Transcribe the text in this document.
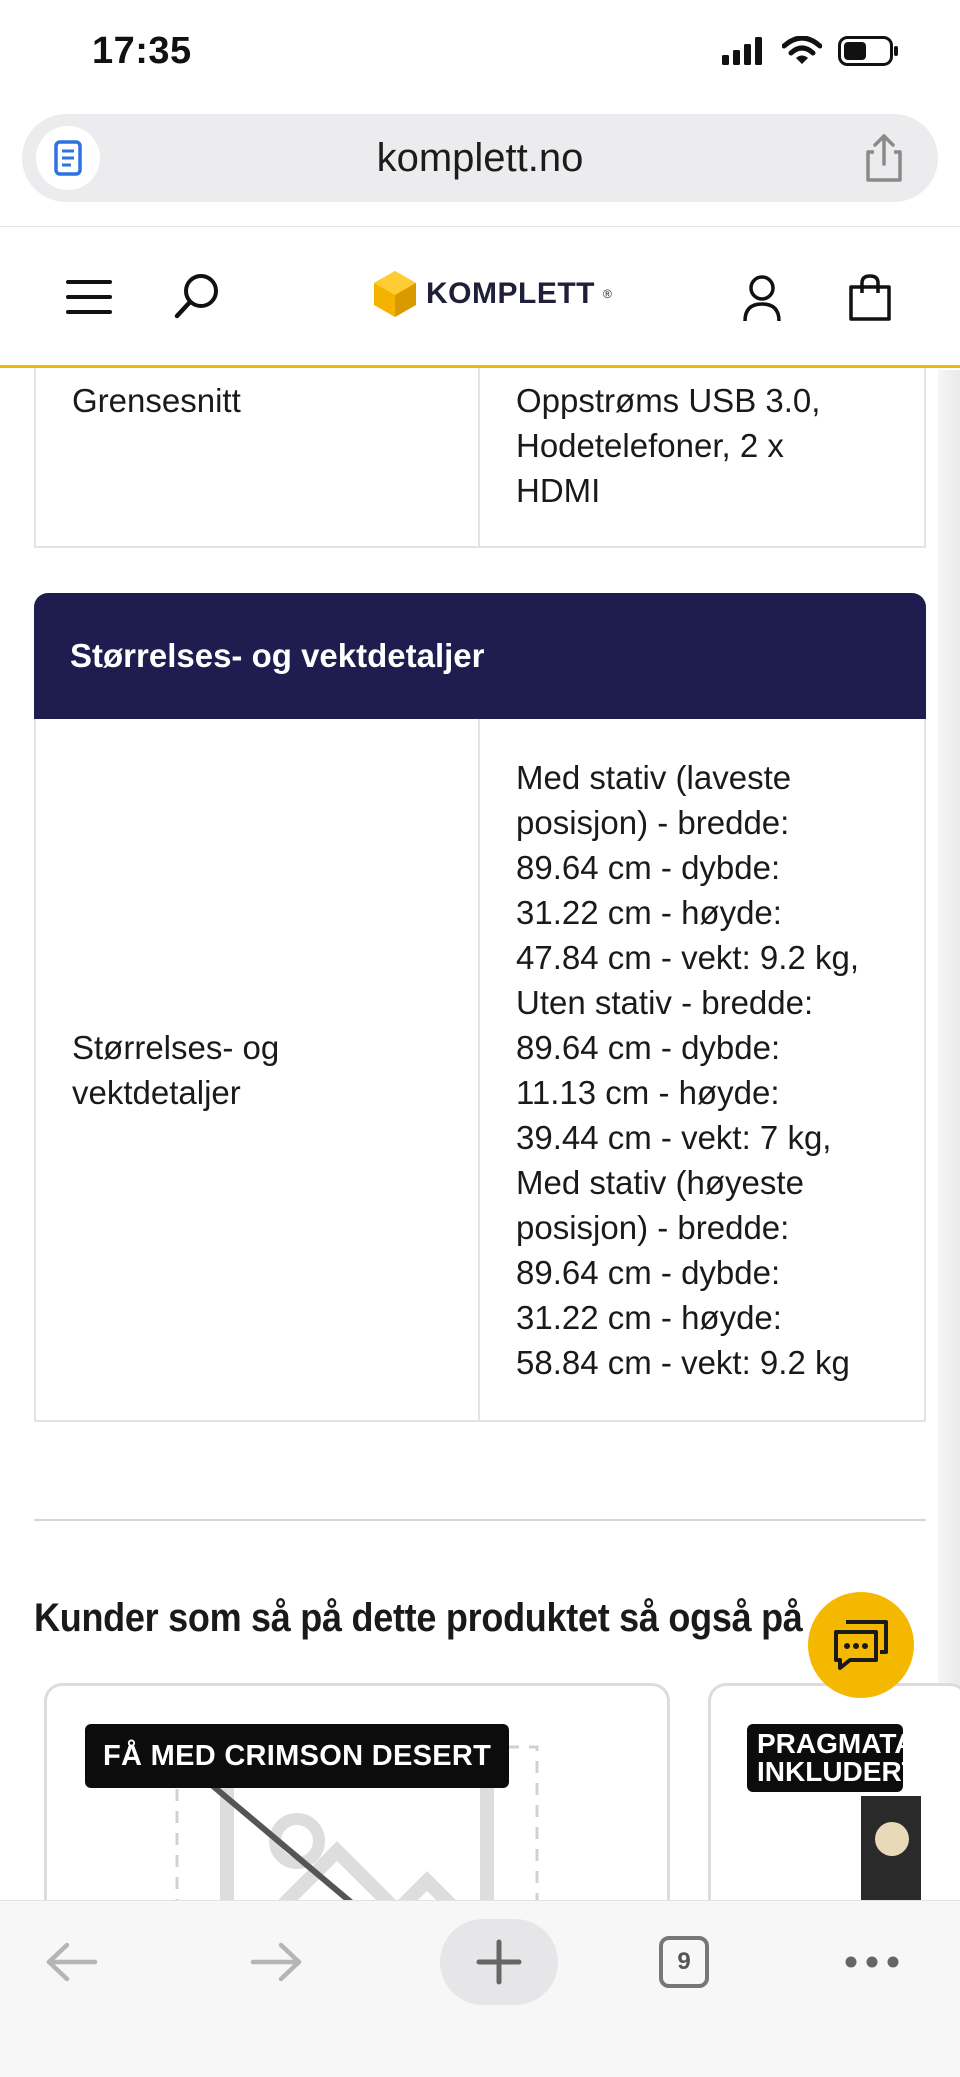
17:35
komplett.no
KOMPLETT ®
Grensesnitt	Oppstrøms USB 3.0,
Hodetelefoner, 2 x
HDMI
Størrelses- og vektdetaljer
Størrelses- og
vektdetaljer
Med stativ (laveste
posisjon) - bredde:
89.64 cm - dybde:
31.22 cm - høyde:
47.84 cm - vekt: 9.2 kg,
Uten stativ - bredde:
89.64 cm - dybde:
11.13 cm - høyde:
39.44 cm - vekt: 7 kg,
Med stativ (høyeste
posisjon) - bredde:
89.64 cm - dybde:
31.22 cm - høyde:
58.84 cm - vekt: 9.2 kg
Kunder som så på dette produktet så også på
FÅ MED CRIMSON DESERT	PRAGMATA
INKLUDERT!
9
